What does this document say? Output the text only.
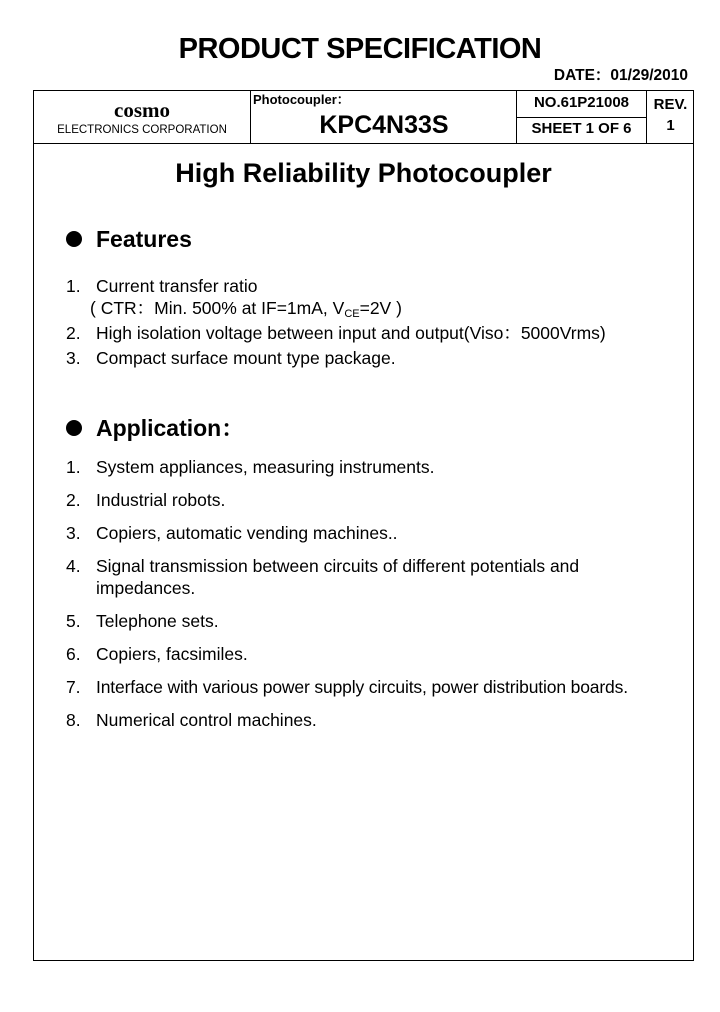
PRODUCT SPECIFICATION
DATE：01/29/2010
cosmo
ELECTRONICS CORPORATION
Photocoupler：
KPC4N33S
NO.61P21008
SHEET 1 OF 6
REV.
1
High Reliability Photocoupler
Features
1. Current transfer ratio
( CTR：Min. 500% at IF=1mA, $V_{CE}=2V$ )
2. High isolation voltage between input and output(Viso：5000Vrms)
3. Compact surface mount type package.
Application：
1. System appliances, measuring instruments.
2. Industrial robots.
3. Copiers, automatic vending machines..
4. Signal transmission between circuits of different potentials and
impedances.
5. Telephone sets.
6. Copiers, facsimiles.
7. Interface with various power supply circuits, power distribution boards.
8. Numerical control machines.
